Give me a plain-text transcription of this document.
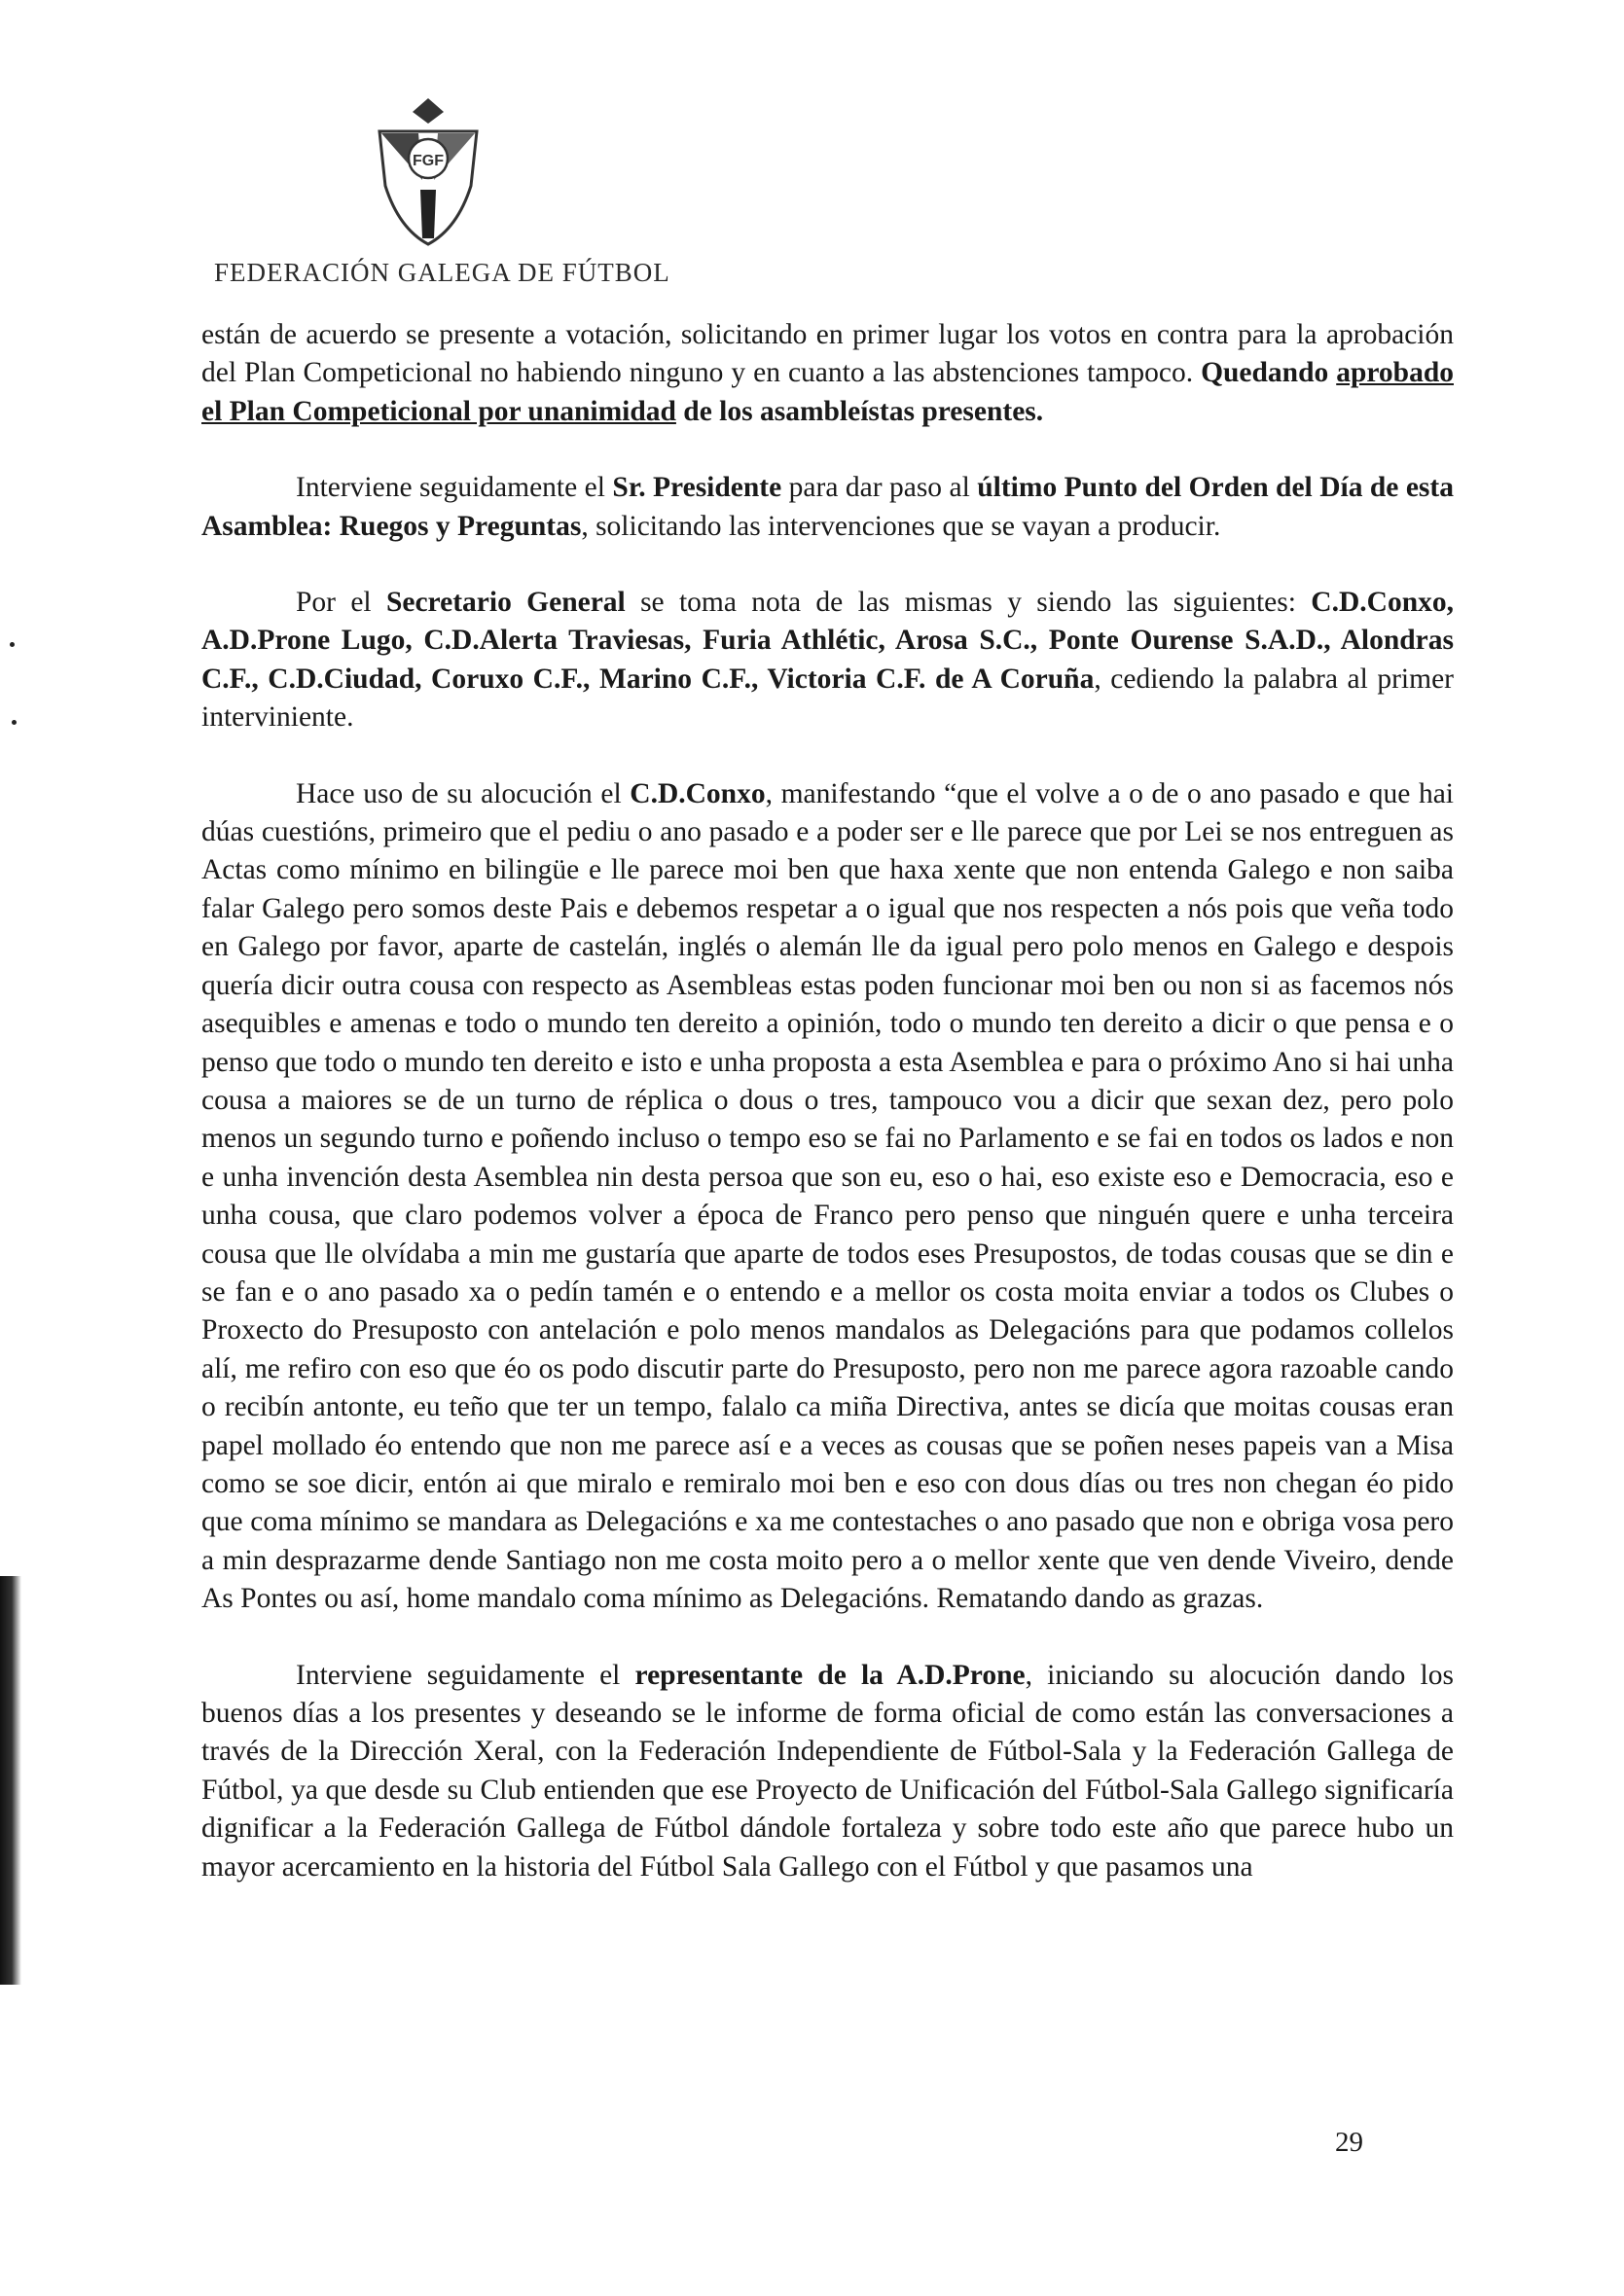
FGF
FEDERACIÓN GALEGA DE FÚTBOL

están de acuerdo se presente a votación, solicitando en primer lugar los votos en contra para la aprobación del Plan Competicional no habiendo ninguno y en cuanto a las abstenciones tampoco. Quedando aprobado el Plan Competicional por unanimidad de los asambleístas presentes.

Interviene seguidamente el Sr. Presidente para dar paso al último Punto del Orden del Día de esta Asamblea: Ruegos y Preguntas, solicitando las intervenciones que se vayan a producir.

Por el Secretario General se toma nota de las mismas y siendo las siguientes: C.D.Conxo, A.D.Prone Lugo, C.D.Alerta Traviesas, Furia Athlétic, Arosa S.C., Ponte Ourense S.A.D., Alondras C.F., C.D.Ciudad, Coruxo C.F., Marino C.F., Victoria C.F. de A Coruña, cediendo la palabra al primer interviniente.

Hace uso de su alocución el C.D.Conxo, manifestando “que el volve a o de o ano pasado e que hai dúas cuestións, primeiro que el pediu o ano pasado e a poder ser e lle parece que por Lei se nos entreguen as Actas como mínimo en bilingüe e lle parece moi ben que haxa xente que non entenda Galego e non saiba falar Galego pero somos deste Pais e debemos respetar a o igual que nos respecten a nós pois que veña todo en Galego por favor, aparte de castelán, inglés o alemán lle da igual pero polo menos en Galego e despois quería dicir outra cousa con respecto as Asembleas estas poden funcionar moi ben ou non si as facemos nós asequibles e amenas e todo o mundo ten dereito a opinión, todo o mundo ten dereito a dicir o que pensa e o penso que todo o mundo ten dereito e isto e unha proposta a esta Asemblea e para o próximo Ano si hai unha cousa a maiores se de un turno de réplica o dous o tres, tampouco vou a dicir que sexan dez, pero polo menos un segundo turno e poñendo incluso o tempo eso se fai no Parlamento e se fai en todos os lados e non e unha invención desta Asemblea nin desta persoa que son eu, eso o hai, eso existe eso e Democracia, eso e unha cousa, que claro podemos volver a época de Franco pero penso que ninguén quere e unha terceira cousa que lle olvídaba a min me gustaría que aparte de todos eses Presupostos, de todas cousas que se din e se fan e o ano pasado xa o pedín tamén e o entendo e a mellor os costa moita enviar a todos os Clubes o Proxecto do Presuposto con antelación e polo menos mandalos as Delegacións para que podamos collelos alí, me refiro con eso que éo os podo discutir parte do Presuposto, pero non me parece agora razoable cando o recibín antonte, eu teño que ter un tempo, falalo ca miña Directiva, antes se dicía que moitas cousas eran papel mollado éo entendo que non me parece así e a veces as cousas que se poñen neses papeis van a Misa como se soe dicir, entón ai que miralo e remiralo moi ben e eso con dous días ou tres non chegan éo pido que coma mínimo se mandara as Delegacións e xa me contestaches o ano pasado que non e obriga vosa pero a min desprazarme dende Santiago non me costa moito pero a o mellor xente que ven dende Viveiro, dende As Pontes ou así, home mandalo coma mínimo as Delegacións. Rematando dando as grazas.

Interviene seguidamente el representante de la A.D.Prone, iniciando su alocución dando los buenos días a los presentes y deseando se le informe de forma oficial de como están las conversaciones a través de la Dirección Xeral, con la Federación Independiente de Fútbol-Sala y la Federación Gallega de Fútbol, ya que desde su Club entienden que ese Proyecto de Unificación del Fútbol-Sala Gallego significaría dignificar a la Federación Gallega de Fútbol dándole fortaleza y sobre todo este año que parece hubo un mayor acercamiento en la historia del Fútbol Sala Gallego con el Fútbol y que pasamos una

29
